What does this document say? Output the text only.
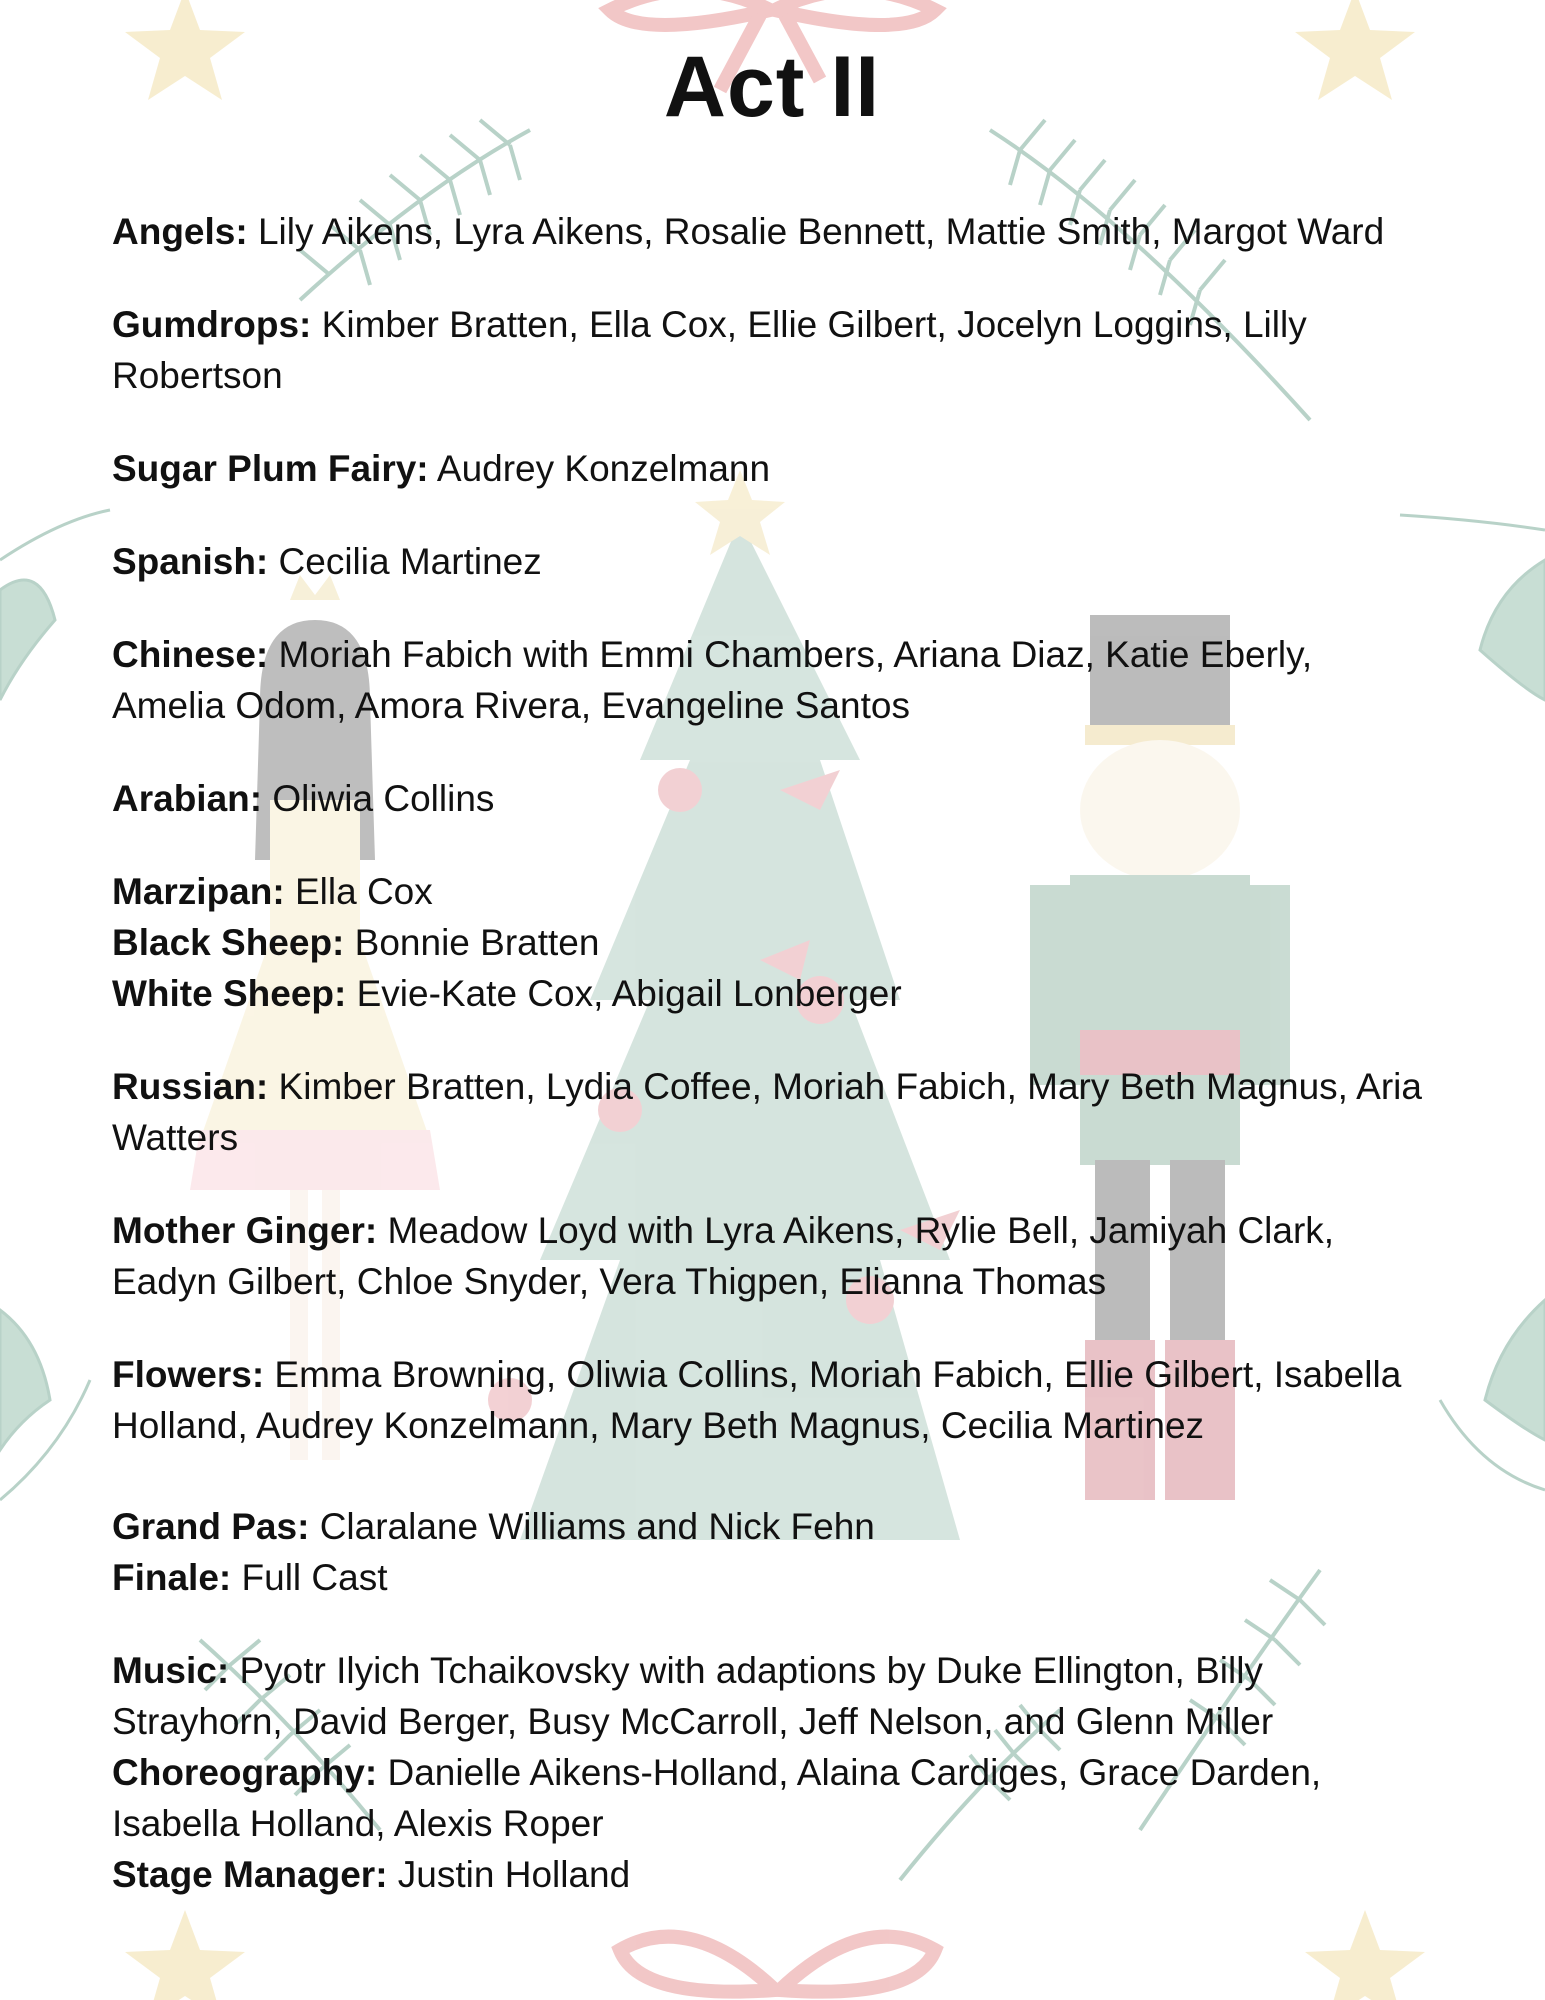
Act II

Angels: Lily Aikens, Lyra Aikens, Rosalie Bennett, Mattie Smith, Margot Ward

Gumdrops: Kimber Bratten, Ella Cox, Ellie Gilbert, Jocelyn Loggins, Lilly Robertson

Sugar Plum Fairy: Audrey Konzelmann

Spanish: Cecilia Martinez

Chinese: Moriah Fabich with Emmi Chambers, Ariana Diaz, Katie Eberly, Amelia Odom, Amora Rivera, Evangeline Santos

Arabian: Oliwia Collins

Marzipan: Ella Cox

Black Sheep: Bonnie Bratten

White Sheep: Evie-Kate Cox, Abigail Lonberger

Russian: Kimber Bratten, Lydia Coffee, Moriah Fabich, Mary Beth Magnus, Aria Watters

Mother Ginger: Meadow Loyd with Lyra Aikens, Rylie Bell, Jamiyah Clark, Eadyn Gilbert, Chloe Snyder, Vera Thigpen, Elianna Thomas

Flowers: Emma Browning, Oliwia Collins, Moriah Fabich, Ellie Gilbert, Isabella Holland, Audrey Konzelmann, Mary Beth Magnus, Cecilia Martinez

Grand Pas: Claralane Williams and Nick Fehn

Finale: Full Cast

Music: Pyotr Ilyich Tchaikovsky with adaptions by Duke Ellington, Billy Strayhorn, David Berger, Busy McCarroll, Jeff Nelson, and Glenn Miller

Choreography: Danielle Aikens-Holland, Alaina Cardiges, Grace Darden, Isabella Holland, Alexis Roper

Stage Manager: Justin Holland
